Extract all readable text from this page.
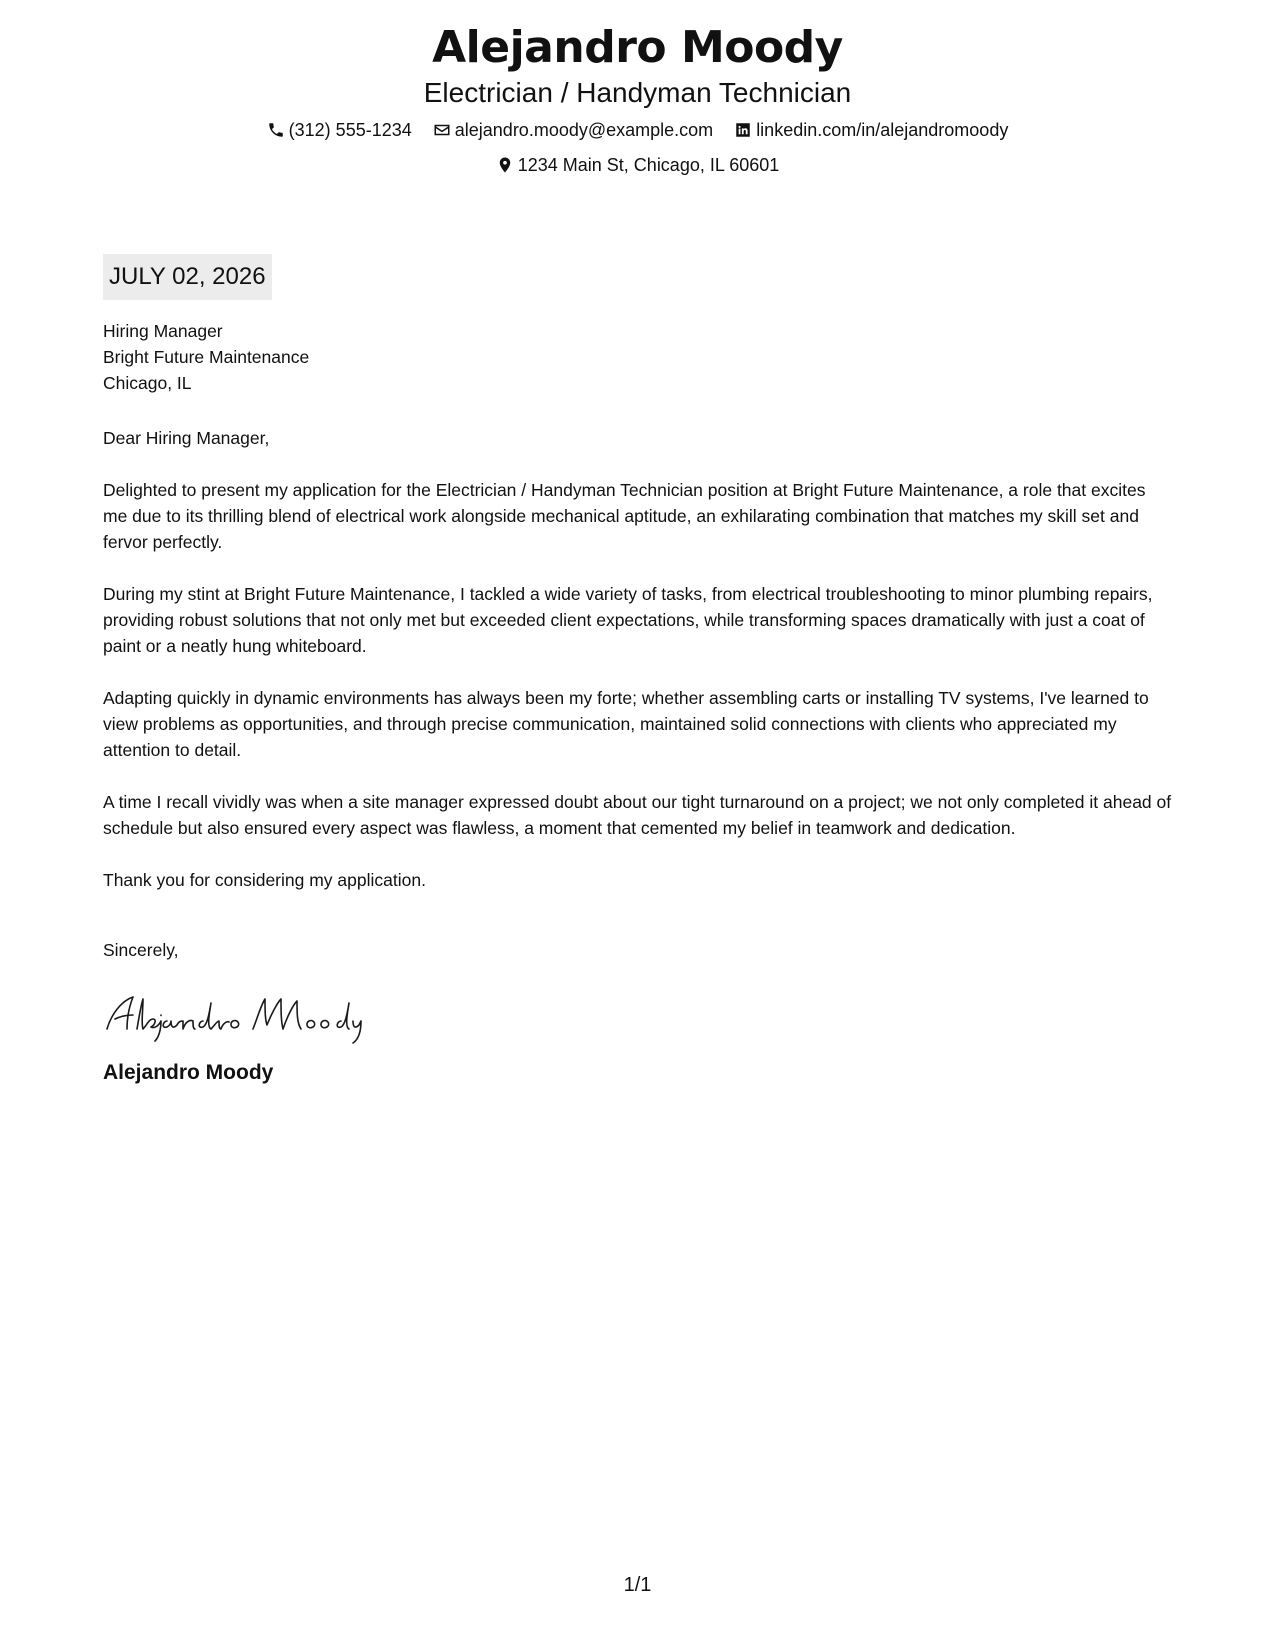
Alejandro Moody
Electrician / Handyman Technician
(312) 555-1234
alejandro.moody@example.com
linkedin.com/in/alejandromoody
1234 Main St, Chicago, IL 60601
JULY 02, 2026
Hiring Manager
Bright Future Maintenance
Chicago, IL
Dear Hiring Manager,
Delighted to present my application for the Electrician / Handyman Technician position at Bright Future Maintenance, a role that excites me due to its thrilling blend of electrical work alongside mechanical aptitude, an exhilarating combination that matches my skill set and fervor perfectly.
During my stint at Bright Future Maintenance, I tackled a wide variety of tasks, from electrical troubleshooting to minor plumbing repairs, providing robust solutions that not only met but exceeded client expectations, while transforming spaces dramatically with just a coat of paint or a neatly hung whiteboard.
Adapting quickly in dynamic environments has always been my forte; whether assembling carts or installing TV systems, I've learned to view problems as opportunities, and through precise communication, maintained solid connections with clients who appreciated my attention to detail.
A time I recall vividly was when a site manager expressed doubt about our tight turnaround on a project; we not only completed it ahead of schedule but also ensured every aspect was flawless, a moment that cemented my belief in teamwork and dedication.
Thank you for considering my application.
Sincerely,
Alejandro Moody
1/1
